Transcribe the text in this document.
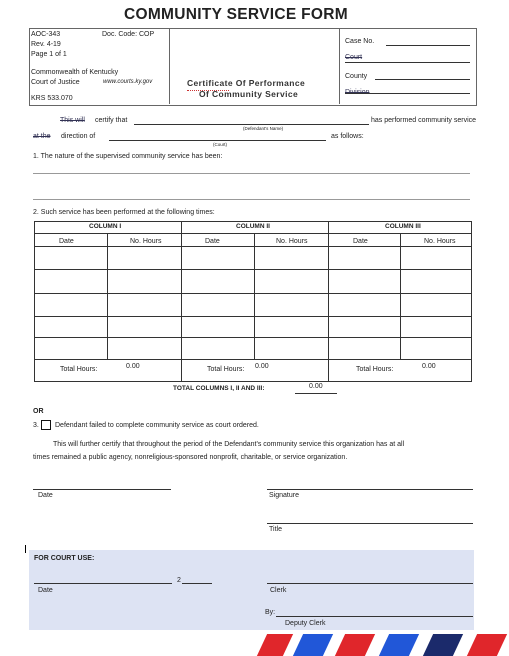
COMMUNITY SERVICE FORM
AOC-343
Rev. 4-19
Page 1 of 1
Doc. Code: COP
Commonwealth of Kentucky
Court of Justice	www.courts.ky.gov
KRS 533.070
Certificate Of Performance
Of Community Service
Case No.
Court
County
Division
This will certify that
(Defendant's Name)
has performed community service
at the direction of
(Court)
as follows:
1. The nature of the supervised community service has been:
2. Such service has been performed at the following times:
COLUMN I	COLUMN II	COLUMN III
Date	No. Hours	Date	No. Hours	Date	No. Hours
Total Hours:	0.00	Total Hours: 0.00	Total Hours:	0.00
TOTAL COLUMNS I, II AND III:	0.00
OR
3. Defendant failed to complete community service as court ordered.
This will further certify that throughout the period of the Defendant's community service this organization has at all
times remained a public agency, nonreligious-sponsored nonprofit, charitable, or service organization.
Date	Signature
Title
FOR COURT USE:
2
Date	Clerk
By:
Deputy Clerk
